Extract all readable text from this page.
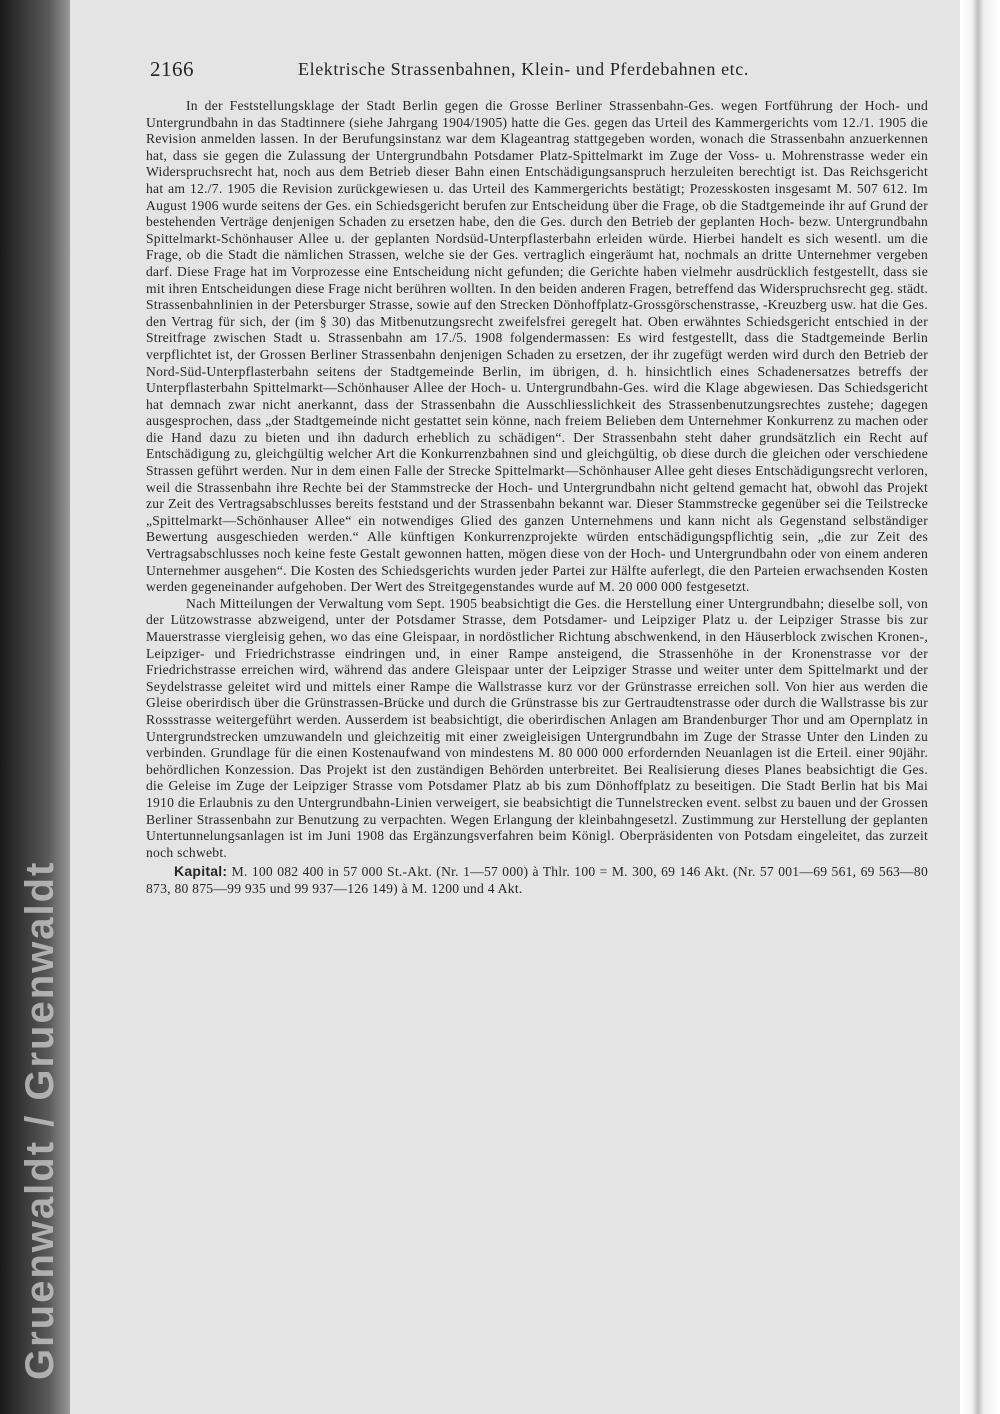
Gruenwaldt / Gruenwaldt
2166	Elektrische Strassenbahnen, Klein- und Pferdebahnen etc.

In der Feststellungsklage der Stadt Berlin gegen die Grosse Berliner Strassenbahn-Ges. wegen Fortführung der Hoch- und Untergrundbahn in das Stadtinnere (siehe Jahrgang 1904/1905) hatte die Ges. gegen das Urteil des Kammergerichts vom 12./1. 1905 die Revision anmelden lassen. In der Berufungsinstanz war dem Klageantrag stattgegeben worden, wonach die Strassenbahn anzuerkennen hat, dass sie gegen die Zulassung der Untergrundbahn Potsdamer Platz-Spittelmarkt im Zuge der Voss- u. Mohrenstrasse weder ein Widerspruchsrecht hat, noch aus dem Betrieb dieser Bahn einen Entschädigungsanspruch herzuleiten berechtigt ist. Das Reichsgericht hat am 12./7. 1905 die Revision zurückgewiesen u. das Urteil des Kammergerichts bestätigt; Prozesskosten insgesamt M. 507 612. Im August 1906 wurde seitens der Ges. ein Schiedsgericht berufen zur Entscheidung über die Frage, ob die Stadtgemeinde ihr auf Grund der bestehenden Verträge denjenigen Schaden zu ersetzen habe, den die Ges. durch den Betrieb der geplanten Hoch- bezw. Untergrundbahn Spittelmarkt-Schönhauser Allee u. der geplanten Nordsüd-Unterpflasterbahn erleiden würde. Hierbei handelt es sich wesentl. um die Frage, ob die Stadt die nämlichen Strassen, welche sie der Ges. vertraglich eingeräumt hat, nochmals an dritte Unternehmer vergeben darf. Diese Frage hat im Vorprozesse eine Entscheidung nicht gefunden; die Gerichte haben vielmehr ausdrücklich festgestellt, dass sie mit ihren Entscheidungen diese Frage nicht berühren wollten. In den beiden anderen Fragen, betreffend das Widerspruchsrecht geg. städt. Strassenbahnlinien in der Petersburger Strasse, sowie auf den Strecken Dönhoffplatz-Grossgörschenstrasse, -Kreuzberg usw. hat die Ges. den Vertrag für sich, der (im § 30) das Mitbenutzungsrecht zweifelsfrei geregelt hat. Oben erwähntes Schiedsgericht entschied in der Streitfrage zwischen Stadt u. Strassenbahn am 17./5. 1908 folgendermassen: Es wird festgestellt, dass die Stadtgemeinde Berlin verpflichtet ist, der Grossen Berliner Strassenbahn denjenigen Schaden zu ersetzen, der ihr zugefügt werden wird durch den Betrieb der Nord-Süd-Unterpflasterbahn seitens der Stadtgemeinde Berlin, im übrigen, d. h. hinsichtlich eines Schadenersatzes betreffs der Unterpflasterbahn Spittelmarkt—Schönhauser Allee der Hoch- u. Untergrundbahn-Ges. wird die Klage abgewiesen. Das Schiedsgericht hat demnach zwar nicht anerkannt, dass der Strassenbahn die Ausschliesslichkeit des Strassenbenutzungsrechtes zustehe; dagegen ausgesprochen, dass „der Stadtgemeinde nicht gestattet sein könne, nach freiem Belieben dem Unternehmer Konkurrenz zu machen oder die Hand dazu zu bieten und ihn dadurch erheblich zu schädigen“. Der Strassenbahn steht daher grundsätzlich ein Recht auf Entschädigung zu, gleichgültig welcher Art die Konkurrenzbahnen sind und gleichgültig, ob diese durch die gleichen oder verschiedene Strassen geführt werden. Nur in dem einen Falle der Strecke Spittelmarkt—Schönhauser Allee geht dieses Entschädigungsrecht verloren, weil die Strassenbahn ihre Rechte bei der Stammstrecke der Hoch- und Untergrundbahn nicht geltend gemacht hat, obwohl das Projekt zur Zeit des Vertragsabschlusses bereits feststand und der Strassenbahn bekannt war. Dieser Stammstrecke gegenüber sei die Teilstrecke „Spittelmarkt—Schönhauser Allee“ ein notwendiges Glied des ganzen Unternehmens und kann nicht als Gegenstand selbständiger Bewertung ausgeschieden werden.“ Alle künftigen Konkurrenzprojekte würden entschädigungspflichtig sein, „die zur Zeit des Vertragsabschlusses noch keine feste Gestalt gewonnen hatten, mögen diese von der Hoch- und Untergrundbahn oder von einem anderen Unternehmer ausgehen“. Die Kosten des Schiedsgerichts wurden jeder Partei zur Hälfte auferlegt, die den Parteien erwachsenden Kosten werden gegeneinander aufgehoben. Der Wert des Streitgegenstandes wurde auf M. 20 000 000 festgesetzt.

Nach Mitteilungen der Verwaltung vom Sept. 1905 beabsichtigt die Ges. die Herstellung einer Untergrundbahn; dieselbe soll, von der Lützowstrasse abzweigend, unter der Potsdamer Strasse, dem Potsdamer- und Leipziger Platz u. der Leipziger Strasse bis zur Mauerstrasse viergleisig gehen, wo das eine Gleispaar, in nordöstlicher Richtung abschwenkend, in den Häuserblock zwischen Kronen-, Leipziger- und Friedrichstrasse eindringen und, in einer Rampe ansteigend, die Strassenhöhe in der Kronenstrasse vor der Friedrichstrasse erreichen wird, während das andere Gleispaar unter der Leipziger Strasse und weiter unter dem Spittelmarkt und der Seydelstrasse geleitet wird und mittels einer Rampe die Wallstrasse kurz vor der Grünstrasse erreichen soll. Von hier aus werden die Gleise oberirdisch über die Grünstrassen-Brücke und durch die Grünstrasse bis zur Gertraudtenstrasse oder durch die Wallstrasse bis zur Rossstrasse weitergeführt werden. Ausserdem ist beabsichtigt, die oberirdischen Anlagen am Brandenburger Thor und am Opernplatz in Untergrundstrecken umzuwandeln und gleichzeitig mit einer zweigleisigen Untergrundbahn im Zuge der Strasse Unter den Linden zu verbinden. Grundlage für die einen Kostenaufwand von mindestens M. 80 000 000 erfordernden Neuanlagen ist die Erteil. einer 90jähr. behördlichen Konzession. Das Projekt ist den zuständigen Behörden unterbreitet. Bei Realisierung dieses Planes beabsichtigt die Ges. die Geleise im Zuge der Leipziger Strasse vom Potsdamer Platz ab bis zum Dönhoffplatz zu beseitigen. Die Stadt Berlin hat bis Mai 1910 die Erlaubnis zu den Untergrundbahn-Linien verweigert, sie beabsichtigt die Tunnelstrecken event. selbst zu bauen und der Grossen Berliner Strassenbahn zur Benutzung zu verpachten. Wegen Erlangung der kleinbahngesetzl. Zustimmung zur Herstellung der geplanten Untertunnelungsanlagen ist im Juni 1908 das Ergänzungsverfahren beim Königl. Oberpräsidenten von Potsdam eingeleitet, das zurzeit noch schwebt.

Kapital: M. 100 082 400 in 57 000 St.-Akt. (Nr. 1—57 000) à Thlr. 100 = M. 300, 69 146 Akt. (Nr. 57 001—69 561, 69 563—80 873, 80 875—99 935 und 99 937—126 149) à M. 1200 und 4 Akt.
